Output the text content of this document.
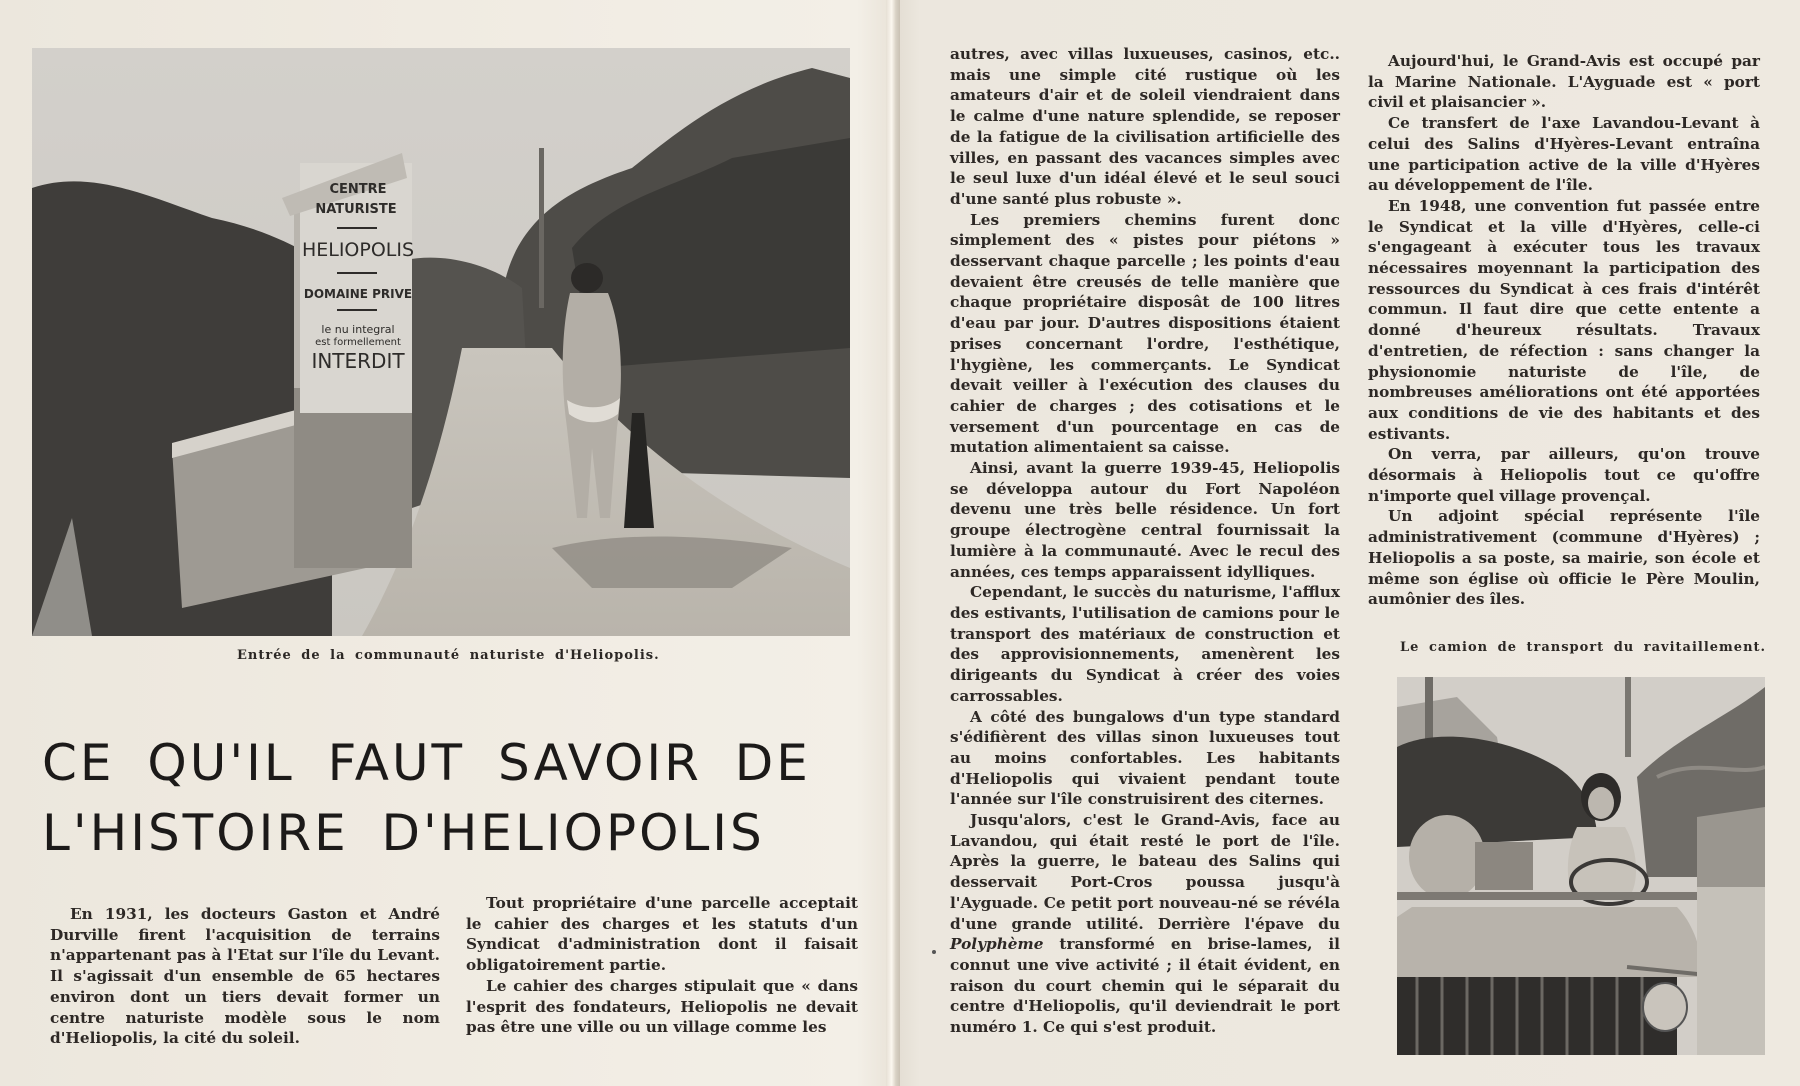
CENTRE
NATURISTE
HELIOPOLIS
DOMAINE PRIVE
le nu integral
est formellement
INTERDIT
Entrée de la communauté naturiste d'Heliopolis.
CE QU'IL FAUT SAVOIR DE
L'HISTOIRE D'HELIOPOLIS

En 1931, les docteurs Gaston et André Durville firent l'acquisition de terrains n'appartenant pas à l'Etat sur l'île du Levant. Il s'agissait d'un ensemble de 65 hectares environ dont un tiers devait former un centre naturiste modèle sous le nom d'Heliopolis, la cité du soleil.

Tout propriétaire d'une parcelle acceptait le cahier des charges et les statuts d'un Syndicat d'administration dont il faisait obligatoirement partie.

Le cahier des charges stipulait que « dans l'esprit des fondateurs, Heliopolis ne devait pas être une ville ou un village comme les

autres, avec villas luxueuses, casinos, etc.. mais une simple cité rustique où les amateurs d'air et de soleil viendraient dans le calme d'une nature splendide, se reposer de la fatigue de la civilisation artificielle des villes, en passant des vacances simples avec le seul luxe d'un idéal élevé et le seul souci d'une santé plus robuste ».

Les premiers chemins furent donc simplement des « pistes pour piétons » desservant chaque parcelle ; les points d'eau devaient être creusés de telle manière que chaque propriétaire disposât de 100 litres d'eau par jour. D'autres dispositions étaient prises concernant l'ordre, l'esthétique, l'hygiène, les commerçants. Le Syndicat devait veiller à l'exécution des clauses du cahier de charges ; des cotisations et le versement d'un pourcentage en cas de mutation alimentaient sa caisse.

Ainsi, avant la guerre 1939-45, Heliopolis se développa autour du Fort Napoléon devenu une très belle résidence. Un fort groupe électrogène central fournissait la lumière à la communauté. Avec le recul des années, ces temps apparaissent idylliques.

Cependant, le succès du naturisme, l'afflux des estivants, l'utilisation de camions pour le transport des matériaux de construction et des approvisionnements, amenèrent les dirigeants du Syndicat à créer des voies carrossables.

A côté des bungalows d'un type standard s'édifièrent des villas sinon luxueuses tout au moins confortables. Les habitants d'Heliopolis qui vivaient pendant toute l'année sur l'île construisirent des citernes.

Jusqu'alors, c'est le Grand-Avis, face au Lavandou, qui était resté le port de l'île. Après la guerre, le bateau des Salins qui desservait Port-Cros poussa jusqu'à l'Ayguade. Ce petit port nouveau-né se révéla d'une grande utilité. Derrière l'épave du Polyphème transformé en brise-lames, il connut une vive activité ; il était évident, en raison du court chemin qui le séparait du centre d'Heliopolis, qu'il deviendrait le port numéro 1. Ce qui s'est produit.

Aujourd'hui, le Grand-Avis est occupé par la Marine Nationale. L'Ayguade est « port civil et plaisancier ».

Ce transfert de l'axe Lavandou-Levant à celui des Salins d'Hyères-Levant entraîna une participation active de la ville d'Hyères au développement de l'île.

En 1948, une convention fut passée entre le Syndicat et la ville d'Hyères, celle-ci s'engageant à exécuter tous les travaux nécessaires moyennant la participation des ressources du Syndicat à ces frais d'intérêt commun. Il faut dire que cette entente a donné d'heureux résultats. Travaux d'entretien, de réfection : sans changer la physionomie naturiste de l'île, de nombreuses améliorations ont été apportées aux conditions de vie des habitants et des estivants.

On verra, par ailleurs, qu'on trouve désormais à Heliopolis tout ce qu'offre n'importe quel village provençal.

Un adjoint spécial représente l'île administrativement (commune d'Hyères) ; Heliopolis a sa poste, sa mairie, son école et même son église où officie le Père Moulin, aumônier des îles.

Le camion de transport du ravitaillement.
